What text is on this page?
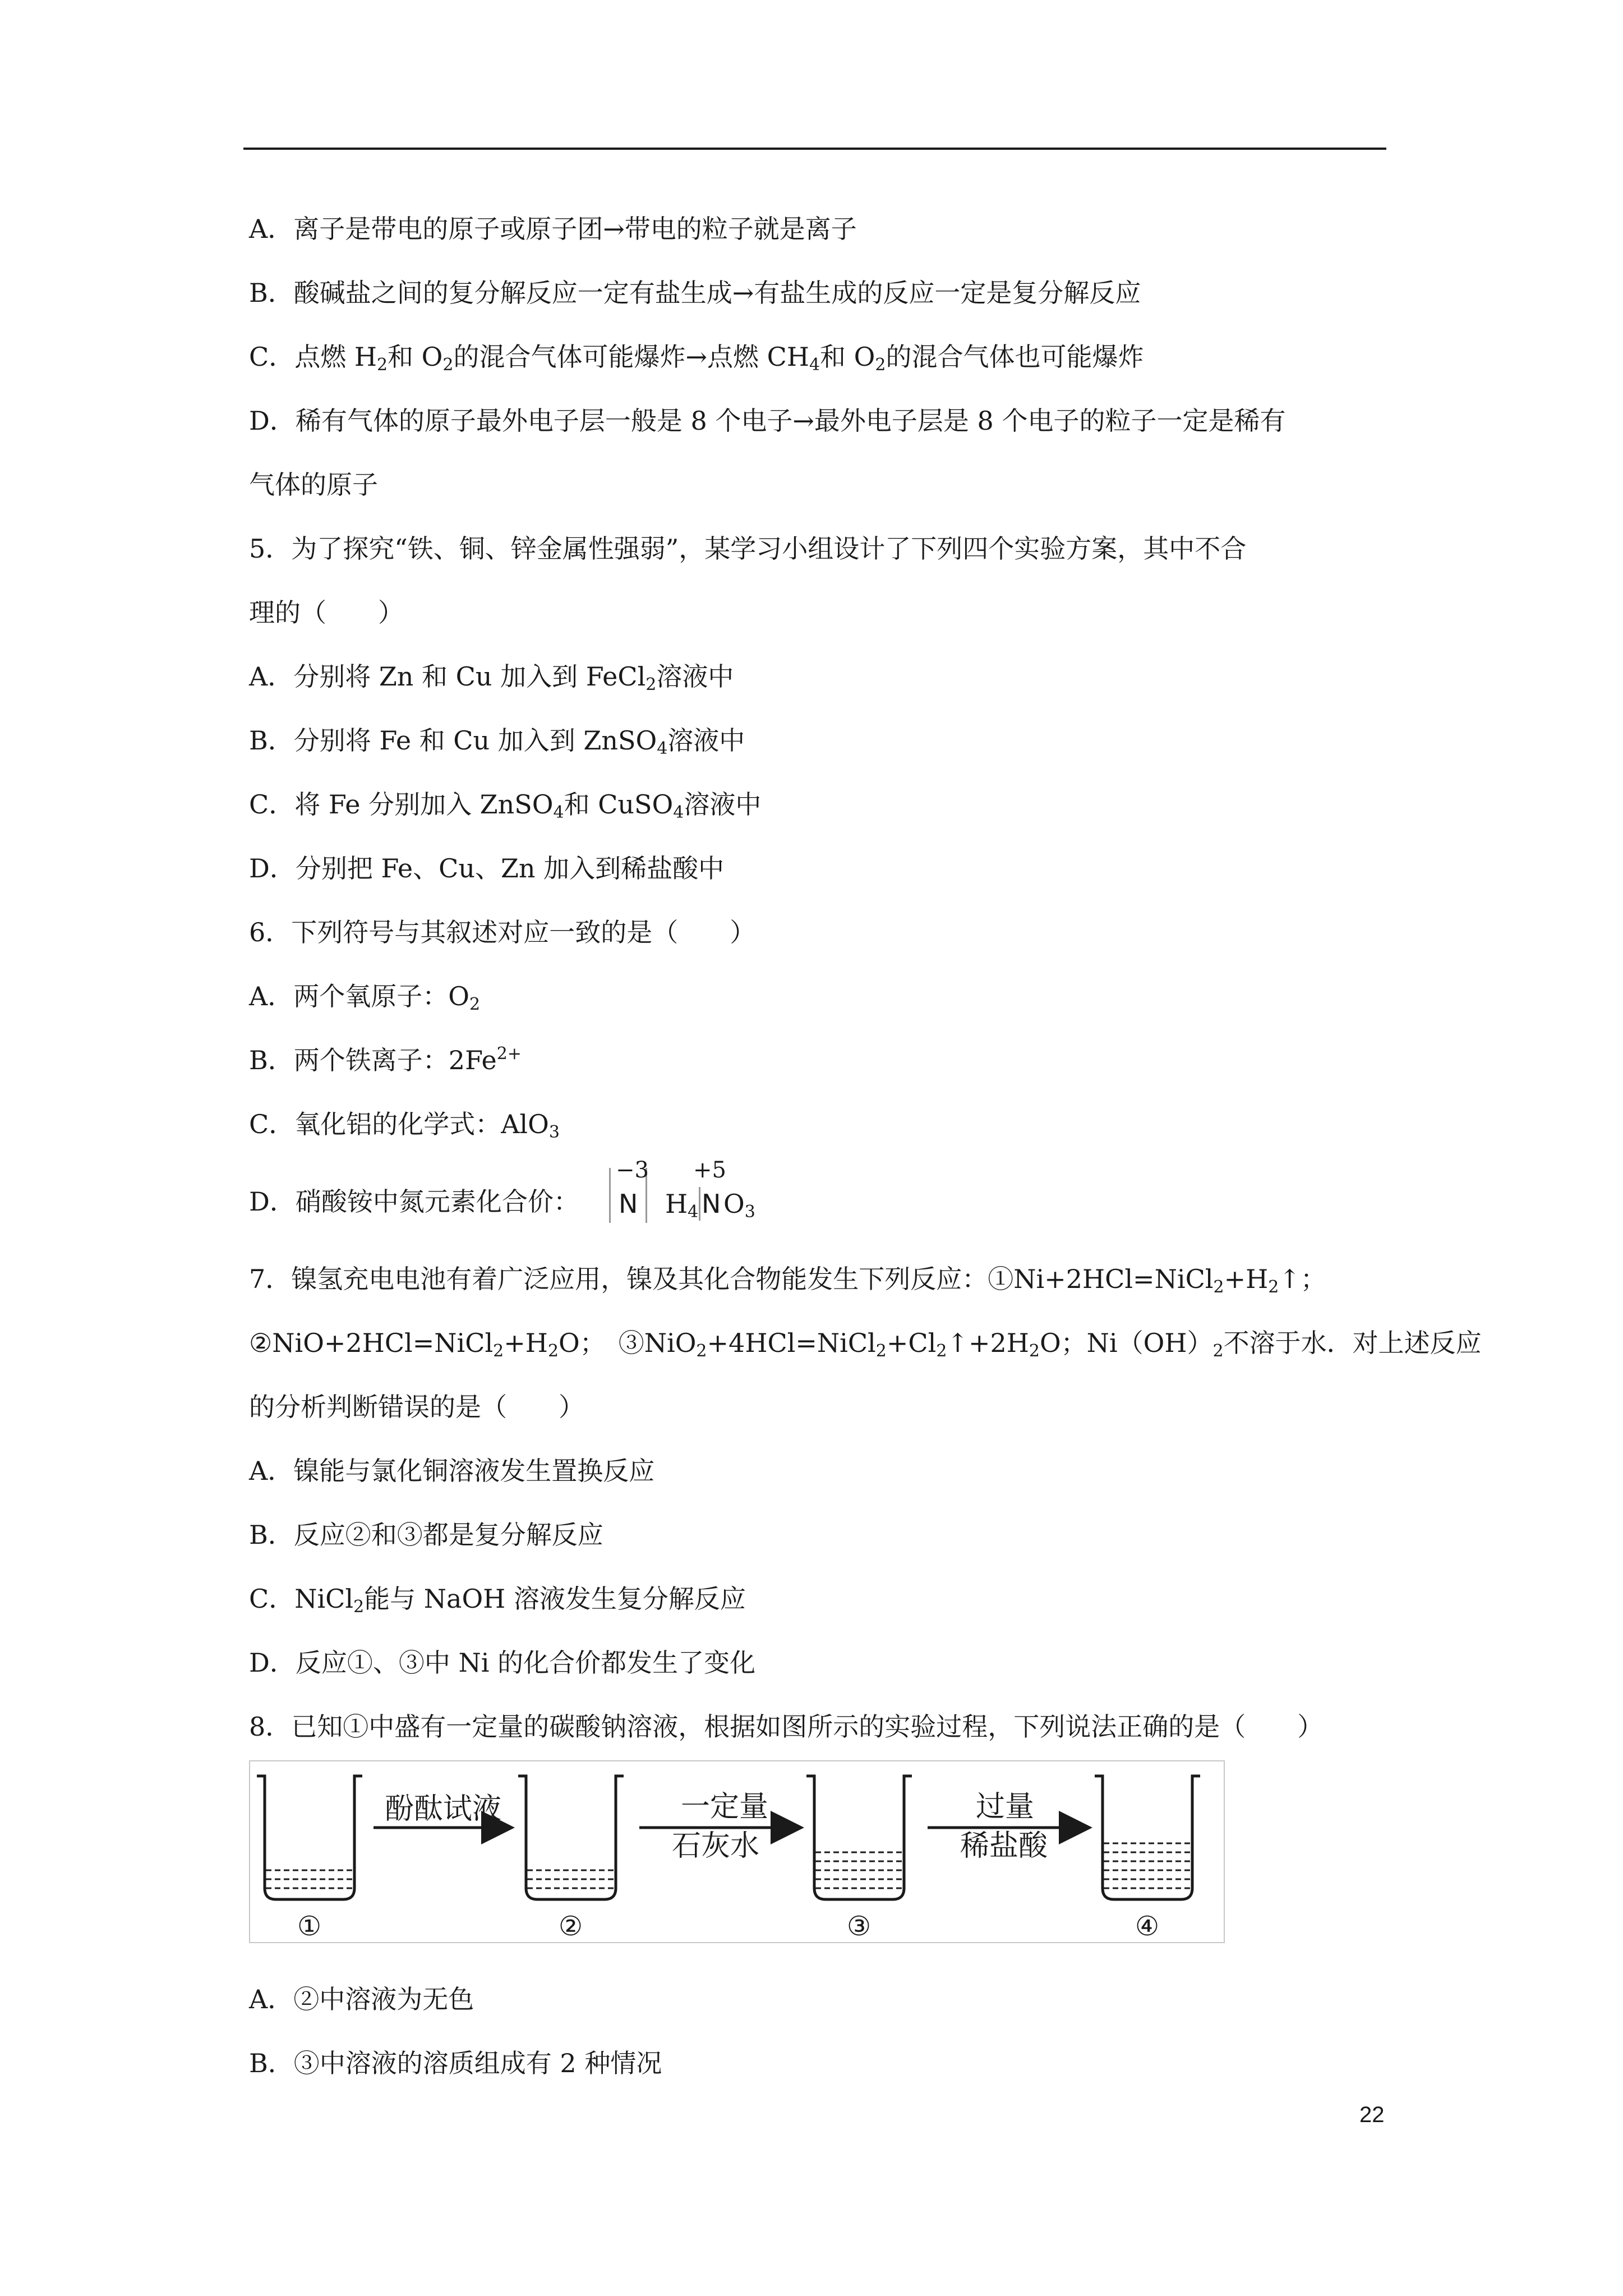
A．离子是带电的原子或原子团→带电的粒子就是离子
B．酸碱盐之间的复分解反应一定有盐生成→有盐生成的反应一定是复分解反应
C．点燃 $H_2$和 $O_2$的混合气体可能爆炸→点燃 $CH_4$和 $O_2$的混合气体也可能爆炸
D．稀有气体的原子最外电子层一般是 8 个电子→最外电子层是 8 个电子的粒子一定是稀有
气体的原子
5．为了探究“铁、铜、锌金属性强弱”，某学习小组设计了下列四个实验方案，其中不合
理的（　　）
A．分别将 Zn 和 Cu 加入到 FeCl$_2$溶液中
B．分别将 Fe 和 Cu 加入到 ZnSO$_4$溶液中
C．将 Fe 分别加入 ZnSO$_4$和 CuSO$_4$溶液中
D．分别把 Fe、Cu、Zn 加入到稀盐酸中
6．下列符号与其叙述对应一致的是（　　）
A．两个氧原子：$O_2$
B．两个铁离子：$2Fe^{2+}$
C．氧化铝的化学式：AlO$_3$
D．硝酸铵中氮元素化合价：
−3
N $H_4$
+5
N $O_3$
7．镍氢充电电池有着广泛应用，镍及其化合物能发生下列反应：$①Ni+2HCl=NiCl_2+H_2↑$；
$②NiO+2HCl=NiCl_2+H_2O$；　$③NiO_2+4HCl=NiCl_2+Cl_2↑+2H_2O$；$Ni(OH)_2$不溶于水．对上述反应
的分析判断错误的是（　　）
A．镍能与氯化铜溶液发生置换反应
B．反应②和③都是复分解反应
C．NiCl$_2$能与 NaOH 溶液发生复分解反应
D．反应①、③中 Ni 的化合价都发生了变化
8．已知①中盛有一定量的碳酸钠溶液，根据如图所示的实验过程，下列说法正确的是（　　）
酚酞试液	一定量
石灰水
过量
稀盐酸
①	②	③	④
A．②中溶液为无色
B．③中溶液的溶质组成有 2 种情况
22
